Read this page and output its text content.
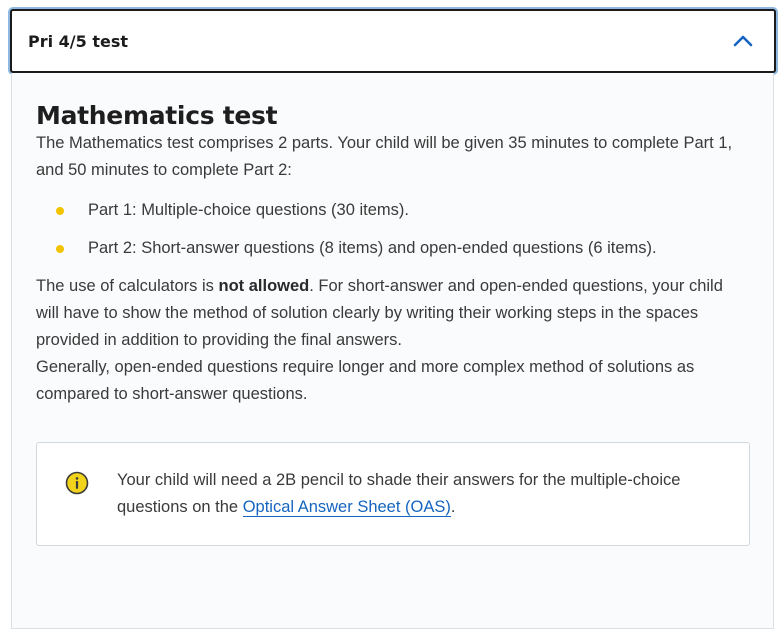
Pri 4/5 test
Mathematics test

The Mathematics test comprises 2 parts. Your child will be given 35 minutes to complete Part 1, and 50 minutes to complete Part 2:

Part 1: Multiple-choice questions (30 items).
Part 2: Short-answer questions (8 items) and open-ended questions (6 items).

The use of calculators is not allowed. For short-answer and open-ended questions, your child will have to show the method of solution clearly by writing their working steps in the spaces provided in addition to providing the final answers.

Generally, open-ended questions require longer and more complex method of solutions as compared to short-answer questions.

Your child will need a 2B pencil to shade their answers for the multiple-choice questions on the Optical Answer Sheet (OAS).
